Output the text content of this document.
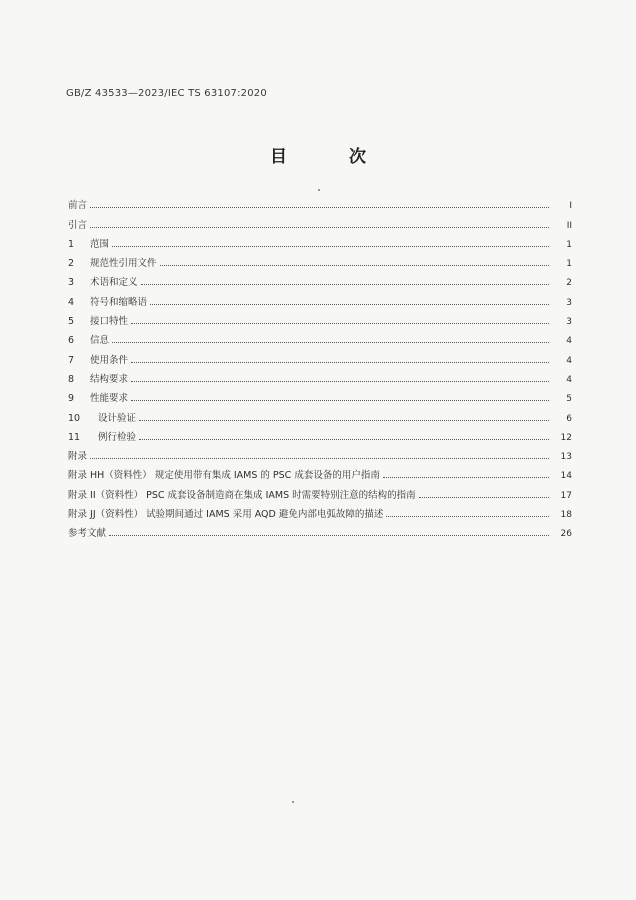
GB/Z 43533—2023/IEC TS 63107:2020
目 次
前言	I
引言	II
1	范围	1
2	规范性引用文件	1
3	术语和定义	2
4	符号和缩略语	3
5	接口特性	3
6	信息	4
7	使用条件	4
8	结构要求	4
9	性能要求	5
10	设计验证	6
11	例行检验	12
附录	13
附录 HH（资料性） 规定使用带有集成 IAMS 的 PSC 成套设备的用户指南	14
附录 II（资料性） PSC 成套设备制造商在集成 IAMS 时需要特别注意的结构的指南	17
附录 JJ（资料性） 试验期间通过 IAMS 采用 AQD 避免内部电弧故障的描述	18
参考文献	26
